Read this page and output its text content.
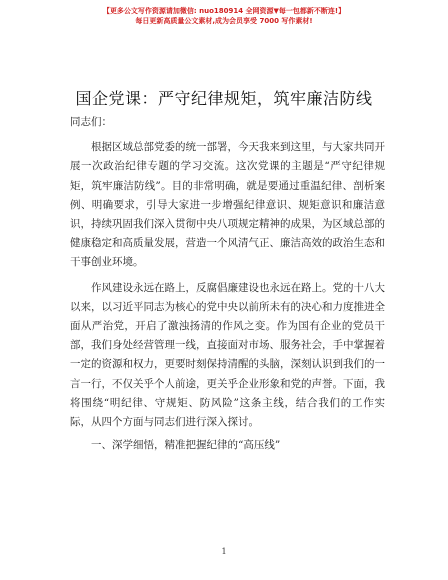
【更多公文写作资源请加微信: nuo180914 全网资源▼每一包都新不断连!】
每日更新高质量公文素材,成为会员享受 7000 写作素材!
国企党课：严守纪律规矩，筑牢廉洁防线

同志们：

根据区域总部党委的统一部署，今天我来到这里，与大家共同开展一次政治纪律专题的学习交流。这次党课的主题是“严守纪律规矩，筑牢廉洁防线”。目的非常明确，就是要通过重温纪律、剖析案例、明确要求，引导大家进一步增强纪律意识、规矩意识和廉洁意识，持续巩固我们深入贯彻中央八项规定精神的成果，为区域总部的健康稳定和高质量发展，营造一个风清气正、廉洁高效的政治生态和干事创业环境。

作风建设永远在路上，反腐倡廉建设也永远在路上。党的十八大以来，以习近平同志为核心的党中央以前所未有的决心和力度推进全面从严治党，开启了激浊扬清的作风之变。作为国有企业的党员干部，我们身处经营管理一线，直接面对市场、服务社会，手中掌握着一定的资源和权力，更要时刻保持清醒的头脑，深刻认识到我们的一言一行，不仅关乎个人前途，更关乎企业形象和党的声誉。下面，我将围绕“明纪律、守规矩、防风险”这条主线，结合我们的工作实际，从四个方面与同志们进行深入探讨。

一、深学细悟，精准把握纪律的“高压线”

1
